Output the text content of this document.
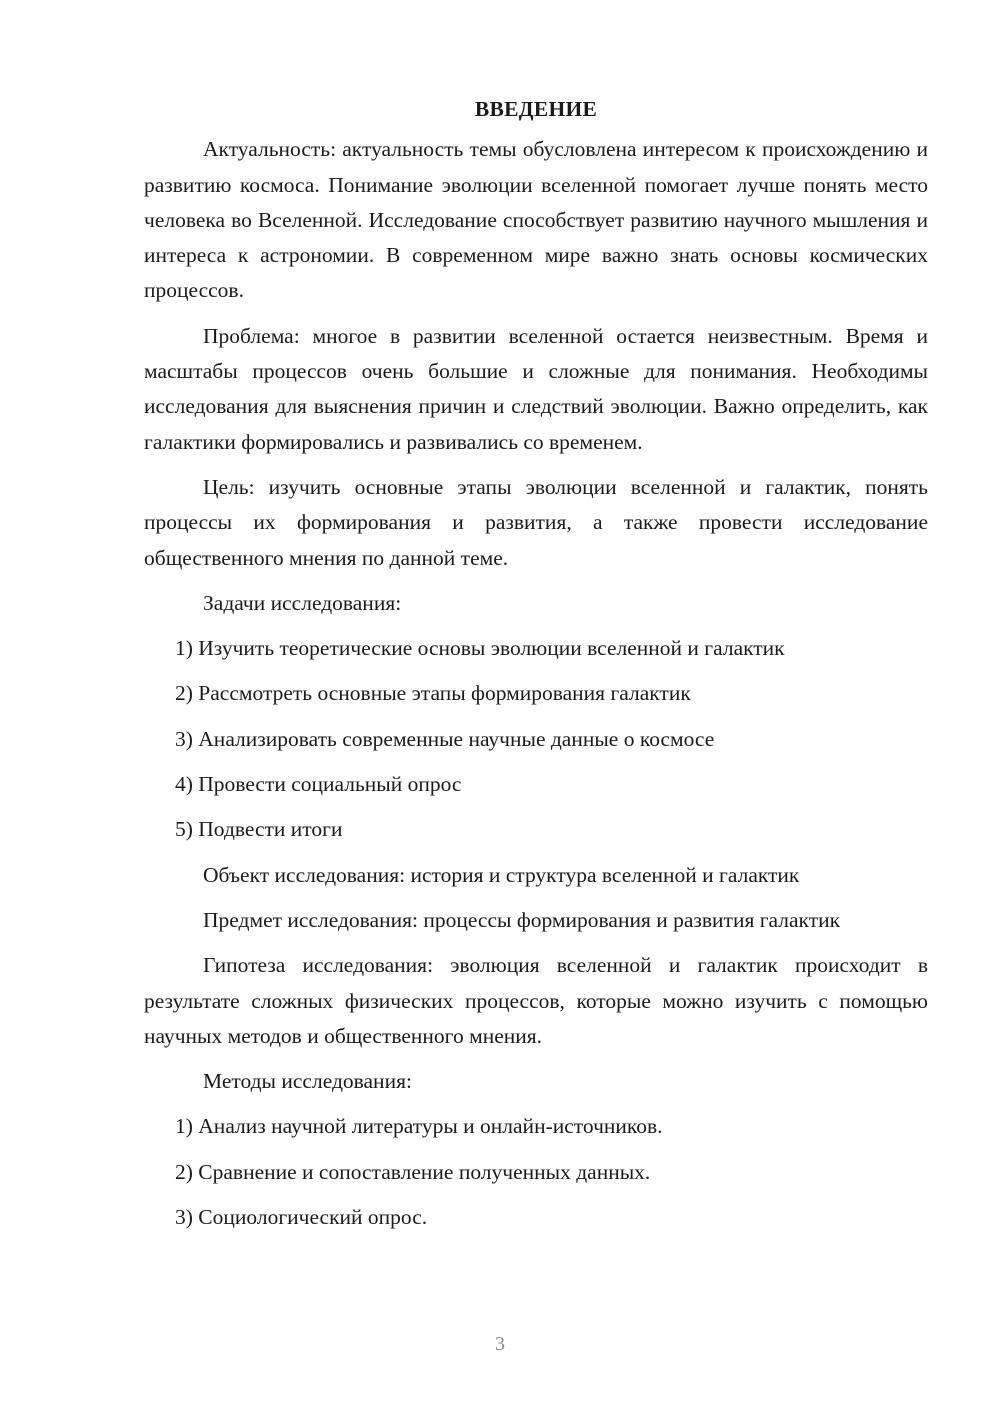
ВВЕДЕНИЕ

Актуальность: актуальность темы обусловлена интересом к происхождению и развитию космоса. Понимание эволюции вселенной помогает лучше понять место человека во Вселенной. Исследование способствует развитию научного мышления и интереса к астрономии. В современном мире важно знать основы космических процессов.

Проблема: многое в развитии вселенной остается неизвестным. Время и масштабы процессов очень большие и сложные для понимания. Необходимы исследования для выяснения причин и следствий эволюции. Важно определить, как галактики формировались и развивались со временем.

Цель: изучить основные этапы эволюции вселенной и галактик, понять процессы их формирования и развития, а также провести исследование общественного мнения по данной теме.

Задачи исследования:

1) Изучить теоретические основы эволюции вселенной и галактик
2) Рассмотреть основные этапы формирования галактик
3) Анализировать современные научные данные о космосе
4) Провести социальный опрос
5) Подвести итоги

Объект исследования: история и структура вселенной и галактик

Предмет исследования: процессы формирования и развития галактик

Гипотеза исследования: эволюция вселенной и галактик происходит в результате сложных физических процессов, которые можно изучить с помощью научных методов и общественного мнения.

Методы исследования:

1) Анализ научной литературы и онлайн-источников.
2) Сравнение и сопоставление полученных данных.
3) Социологический опрос.
3
